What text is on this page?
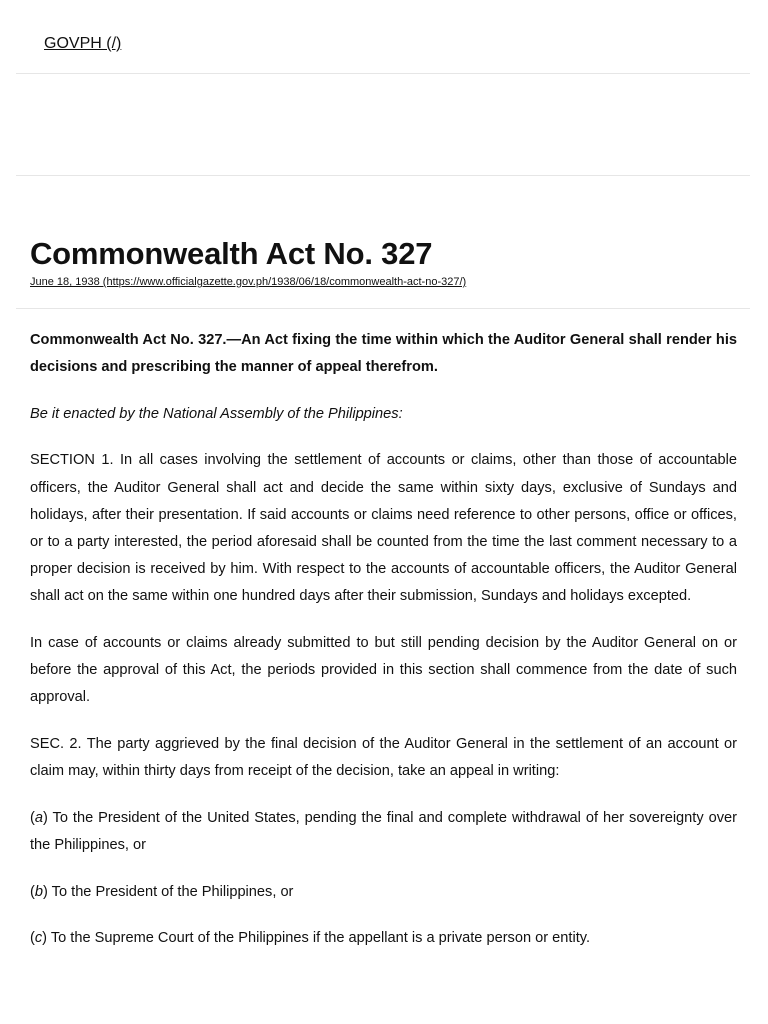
GOVPH (/)
Commonwealth Act No. 327
June 18, 1938 (https://www.officialgazette.gov.ph/1938/06/18/commonwealth-act-no-327/)

Commonwealth Act No. 327.—An Act fixing the time within which the Auditor General shall render his decisions and prescribing the manner of appeal therefrom.

Be it enacted by the National Assembly of the Philippines:

SECTION 1. In all cases involving the settlement of accounts or claims, other than those of accountable officers, the Auditor General shall act and decide the same within sixty days, exclusive of Sundays and holidays, after their presentation. If said accounts or claims need reference to other persons, office or offices, or to a party interested, the period aforesaid shall be counted from the time the last comment necessary to a proper decision is received by him. With respect to the accounts of accountable officers, the Auditor General shall act on the same within one hundred days after their submission, Sundays and holidays excepted.

In case of accounts or claims already submitted to but still pending decision by the Auditor General on or before the approval of this Act, the periods provided in this section shall commence from the date of such approval.

SEC. 2. The party aggrieved by the final decision of the Auditor General in the settlement of an account or claim may, within thirty days from receipt of the decision, take an appeal in writing:

(a) To the President of the United States, pending the final and complete withdrawal of her sovereignty over the Philippines, or

(b) To the President of the Philippines, or

(c) To the Supreme Court of the Philippines if the appellant is a private person or entity.
